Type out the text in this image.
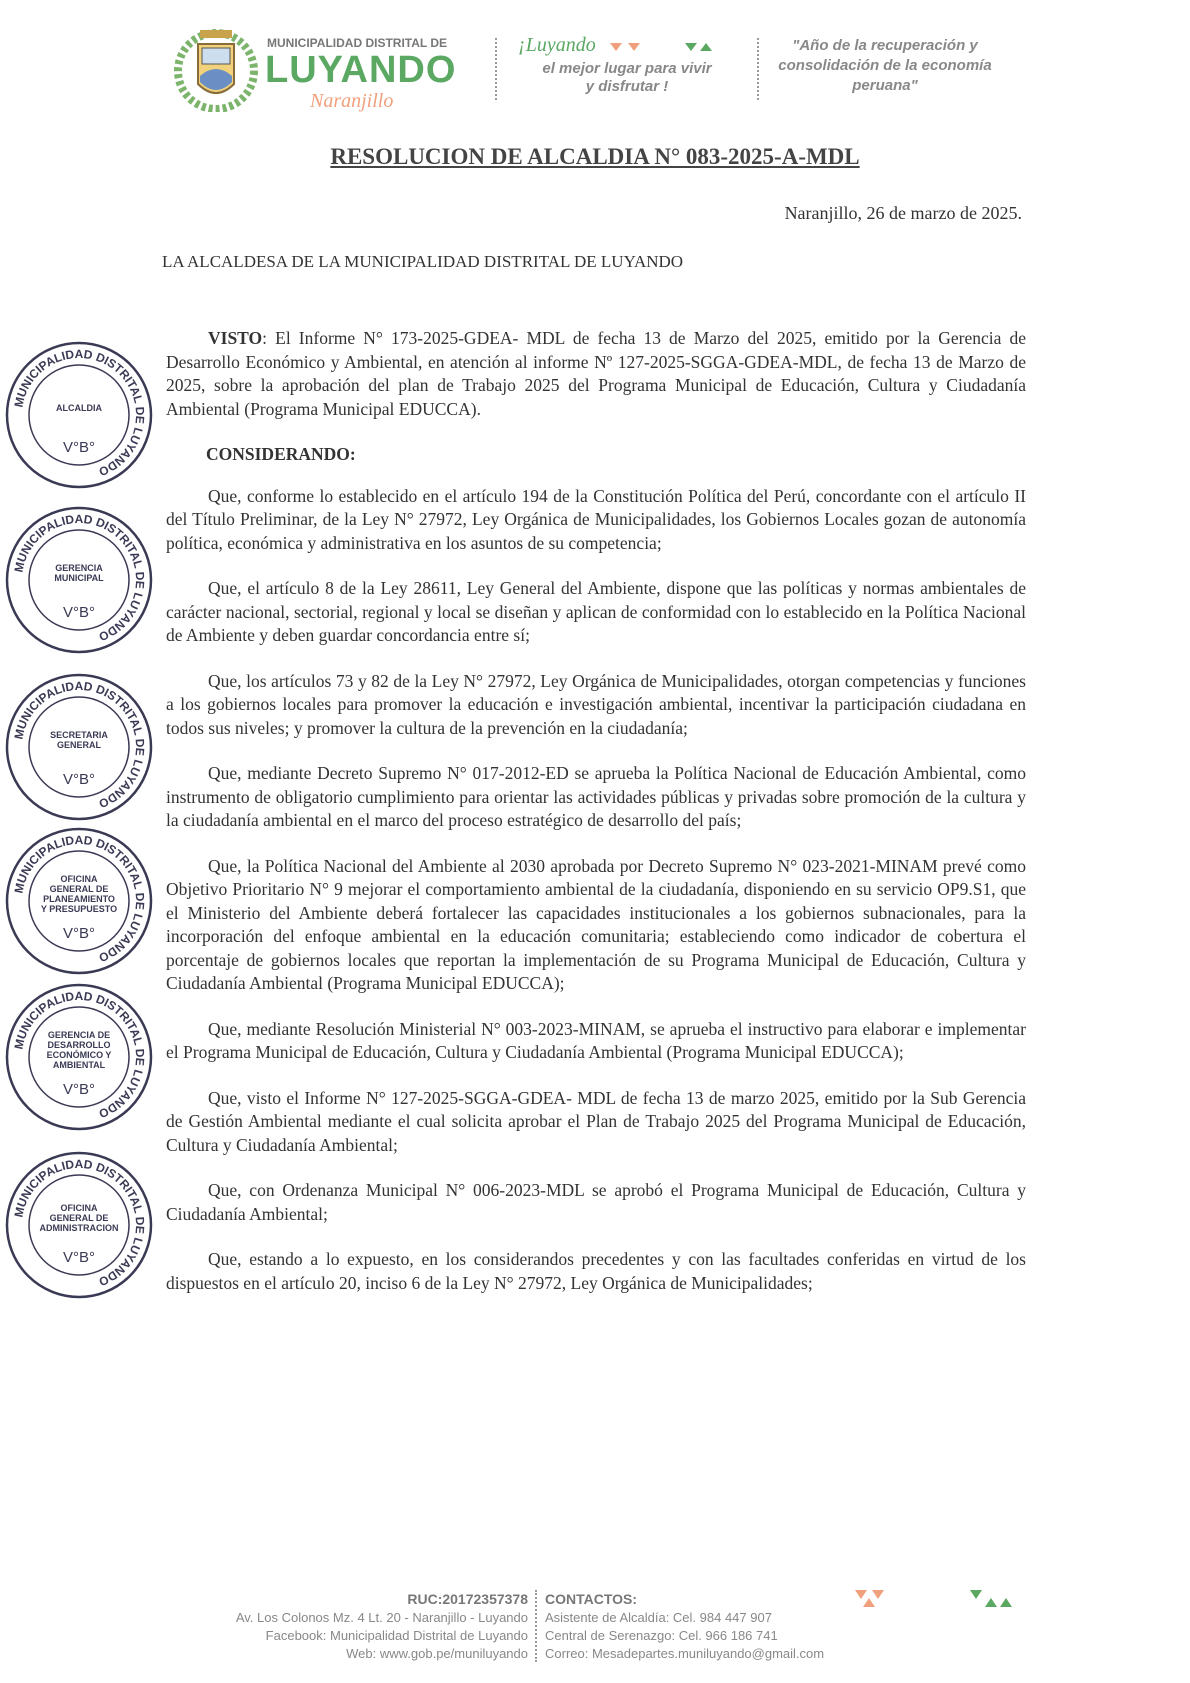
MUNICIPALIDAD DISTRITAL DE
LUYANDO
Naranjillo
¡Luyando
el mejor lugar para vivir y disfrutar !
"Año de la recuperación y consolidación de la economía peruana"
RESOLUCION DE ALCALDIA N° 083-2025-A-MDL
Naranjillo, 26 de marzo de 2025.
LA ALCALDESA DE LA MUNICIPALIDAD DISTRITAL DE LUYANDO
VISTO: El Informe N° 173-2025-GDEA- MDL de fecha 13 de Marzo del 2025, emitido por la Gerencia de Desarrollo Económico y Ambiental, en atención al informe Nº 127-2025-SGGA-GDEA-MDL, de fecha 13 de Marzo de 2025, sobre la aprobación del plan de Trabajo 2025 del Programa Municipal de Educación, Cultura y Ciudadanía Ambiental (Programa Municipal EDUCCA).
CONSIDERANDO:
Que, conforme lo establecido en el artículo 194 de la Constitución Política del Perú, concordante con el artículo II del Título Preliminar, de la Ley N° 27972, Ley Orgánica de Municipalidades, los Gobiernos Locales gozan de autonomía política, económica y administrativa en los asuntos de su competencia;
Que, el artículo 8 de la Ley 28611, Ley General del Ambiente, dispone que las políticas y normas ambientales de carácter nacional, sectorial, regional y local se diseñan y aplican de conformidad con lo establecido en la Política Nacional de Ambiente y deben guardar concordancia entre sí;
Que, los artículos 73 y 82 de la Ley N° 27972, Ley Orgánica de Municipalidades, otorgan competencias y funciones a los gobiernos locales para promover la educación e investigación ambiental, incentivar la participación ciudadana en todos sus niveles; y promover la cultura de la prevención en la ciudadanía;
Que, mediante Decreto Supremo N° 017-2012-ED se aprueba la Política Nacional de Educación Ambiental, como instrumento de obligatorio cumplimiento para orientar las actividades públicas y privadas sobre promoción de la cultura y la ciudadanía ambiental en el marco del proceso estratégico de desarrollo del país;
Que, la Política Nacional del Ambiente al 2030 aprobada por Decreto Supremo N° 023-2021-MINAM prevé como Objetivo Prioritario N° 9 mejorar el comportamiento ambiental de la ciudadanía, disponiendo en su servicio OP9.S1, que el Ministerio del Ambiente deberá fortalecer las capacidades institucionales a los gobiernos subnacionales, para la incorporación del enfoque ambiental en la educación comunitaria; estableciendo como indicador de cobertura el porcentaje de gobiernos locales que reportan la implementación de su Programa Municipal de Educación, Cultura y Ciudadanía Ambiental (Programa Municipal EDUCCA);
Que, mediante Resolución Ministerial N° 003-2023-MINAM, se aprueba el instructivo para elaborar e implementar el Programa Municipal de Educación, Cultura y Ciudadanía Ambiental (Programa Municipal EDUCCA);
Que, visto el Informe N° 127-2025-SGGA-GDEA- MDL de fecha 13 de marzo 2025, emitido por la Sub Gerencia de Gestión Ambiental mediante el cual solicita aprobar el Plan de Trabajo 2025 del Programa Municipal de Educación, Cultura y Ciudadanía Ambiental;
Que, con Ordenanza Municipal N° 006-2023-MDL se aprobó el Programa Municipal de Educación, Cultura y Ciudadanía Ambiental;
Que, estando a lo expuesto, en los considerandos precedentes y con las facultades conferidas en virtud de los dispuestos en el artículo 20, inciso 6 de la Ley N° 27972, Ley Orgánica de Municipalidades;
RUC:20172357378
Av. Los Colonos Mz. 4 Lt. 20 - Naranjillo - Luyando
Facebook: Municipalidad Distrital de Luyando
Web: www.gob.pe/muniluyando
CONTACTOS:
Asistente de Alcaldía: Cel. 984 447 907
Central de Serenazgo: Cel. 966 186 741
Correo: Mesadepartes.muniluyando@gmail.com
MUNICIPALIDAD DISTRITAL DE LUYANDO
ALCALDIA
V°B°
MUNICIPALIDAD DISTRITAL DE LUYANDO
GERENCIA MUNICIPAL
V°B°
MUNICIPALIDAD DISTRITAL DE LUYANDO
SECRETARIA GENERAL
V°B°
MUNICIPALIDAD DISTRITAL DE LUYANDO
OFICINA GENERAL DE PLANEAMIENTO Y PRESUPUESTO
V°B°
MUNICIPALIDAD DISTRITAL DE LUYANDO
GERENCIA DE DESARROLLO ECONÓMICO Y AMBIENTAL
V°B°
MUNICIPALIDAD DISTRITAL DE LUYANDO
OFICINA GENERAL DE ADMINISTRACION
V°B°
